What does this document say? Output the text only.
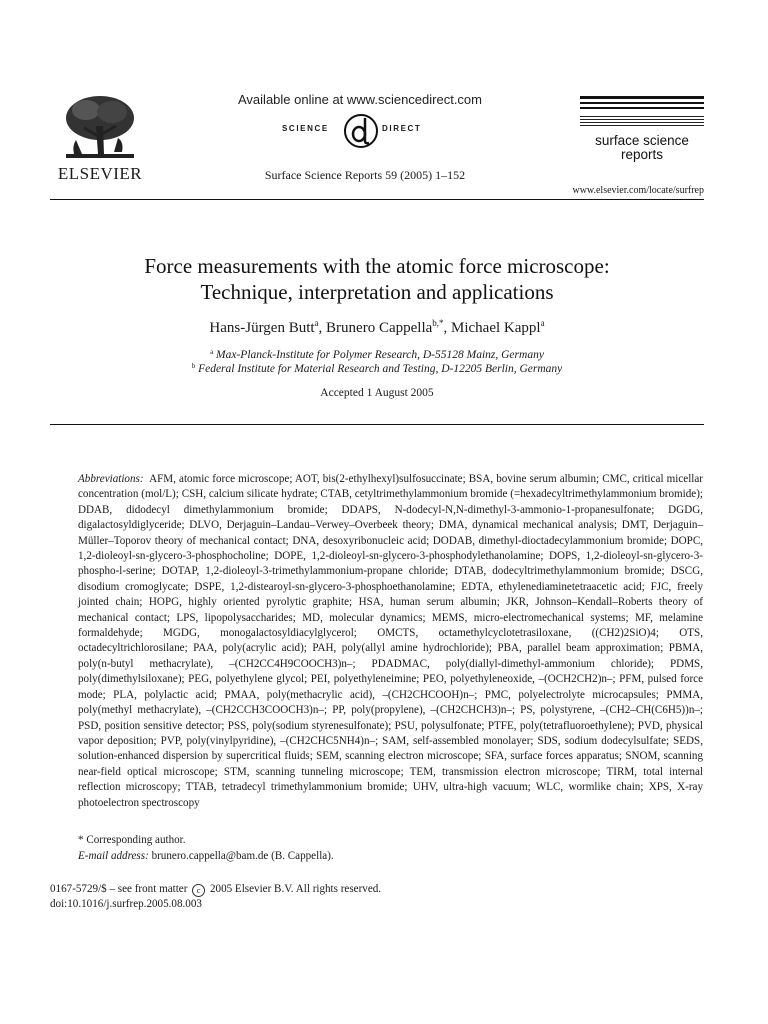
ELSEVIER
Available online at www.sciencedirect.com
SCIENCE	DIRECT
Surface Science Reports 59 (2005) 1–152
surface science
reports
www.elsevier.com/locate/surfrep
Force measurements with the atomic force microscope:
Technique, interpretation and applications
Hans-Jürgen Butt$^a$, Brunero Cappella$^{b,*}$, Michael Kappl$^a$
$^a$ Max-Planck-Institute for Polymer Research, D-55128 Mainz, Germany
$^b$ Federal Institute for Material Research and Testing, D-12205 Berlin, Germany
Accepted 1 August 2005
Abbreviations: AFM, atomic force microscope; AOT, bis(2-ethylhexyl)sulfosuccinate; BSA, bovine serum albumin; CMC, critical micellar concentration (mol/L); CSH, calcium silicate hydrate; CTAB, cetyltrimethylammonium bromide (=hexadecyltrimethylammonium bromide); DDAB, didodecyl dimethylammonium bromide; DDAPS, N-dodecyl-N,N-dimethyl-3-ammonio-1-propanesulfonate; DGDG, digalactosyldiglyceride; DLVO, Derjaguin–Landau–Verwey–Overbeek theory; DMA, dynamical mechanical analysis; DMT, Derjaguin–Müller–Toporov theory of mechanical contact; DNA, desoxyribonucleic acid; DODAB, dimethyl-dioctadecylammonium bromide; DOPC, 1,2-dioleoyl-sn-glycero-3-phosphocholine; DOPE, 1,2-dioleoyl-sn-glycero-3-phosphodylethanolamine; DOPS, 1,2-dioleoyl-sn-glycero-3-phospho-l-serine; DOTAP, 1,2-dioleoyl-3-trimethylammonium-propane chloride; DTAB, dodecyltrimethylammonium bromide; DSCG, disodium cromoglycate; DSPE, 1,2-distearoyl-sn-glycero-3-phosphoethanolamine; EDTA, ethylenediaminetetraacetic acid; FJC, freely jointed chain; HOPG, highly oriented pyrolytic graphite; HSA, human serum albumin; JKR, Johnson–Kendall–Roberts theory of mechanical contact; LPS, lipopolysaccharides; MD, molecular dynamics; MEMS, micro-electromechanical systems; MF, melamine formaldehyde; MGDG, monogalactosyldiacylglycerol; OMCTS, octamethylcyclotetrasiloxane, ((CH2)2SiO)4; OTS, octadecyltrichlorosilane; PAA, poly(acrylic acid); PAH, poly(allyl amine hydrochloride); PBA, parallel beam approximation; PBMA, poly(n-butyl methacrylate), –(CH2CC4H9COOCH3)n–; PDADMAC, poly(diallyl-dimethyl-ammonium chloride); PDMS, poly(dimethylsiloxane); PEG, polyethylene glycol; PEI, polyethyleneimine; PEO, polyethyleneoxide, –(OCH2CH2)n–; PFM, pulsed force mode; PLA, polylactic acid; PMAA, poly(methacrylic acid), –(CH2CHCOOH)n–; PMC, polyelectrolyte microcapsules; PMMA, poly(methyl methacrylate), –(CH2CCH3COOCH3)n–; PP, poly(propylene), –(CH2CHCH3)n–; PS, polystyrene, –(CH2–CH(C6H5))n–; PSD, position sensitive detector; PSS, poly(sodium styrenesulfonate); PSU, polysulfonate; PTFE, poly(tetrafluoroethylene); PVD, physical vapor deposition; PVP, poly(vinylpyridine), –(CH2CHC5NH4)n–; SAM, self-assembled monolayer; SDS, sodium dodecylsulfate; SEDS, solution-enhanced dispersion by supercritical fluids; SEM, scanning electron microscope; SFA, surface forces apparatus; SNOM, scanning near-field optical microscope; STM, scanning tunneling microscope; TEM, transmission electron microscope; TIRM, total internal reflection microscopy; TTAB, tetradecyl trimethylammonium bromide; UHV, ultra-high vacuum; WLC, wormlike chain; XPS, X-ray photoelectron spectroscopy
* Corresponding author.
E-mail address: brunero.cappella@bam.de (B. Cappella).
0167-5729/$ – see front matter c 2005 Elsevier B.V. All rights reserved.
doi:10.1016/j.surfrep.2005.08.003
